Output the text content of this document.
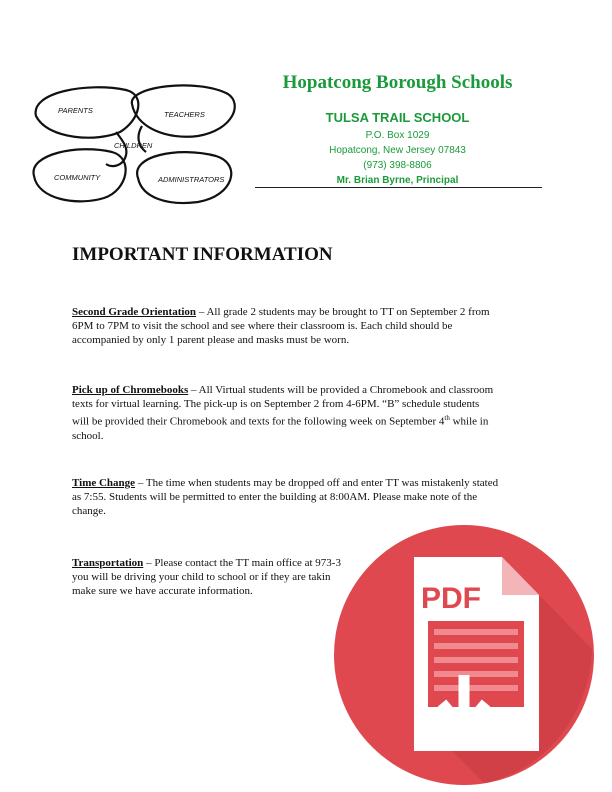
PARENTS	TEACHERS
CHILDREN
COMMUNITY	ADMINISTRATORS
Hopatcong Borough Schools
TULSA TRAIL SCHOOL
P.O. Box 1029
Hopatcong, New Jersey 07843
(973) 398-8806
Mr. Brian Byrne, Principal
IMPORTANT INFORMATION
Second Grade Orientation – All grade 2 students may be brought to TT on September 2 from
6PM to 7PM to visit the school and see where their classroom is. Each child should be
accompanied by only 1 parent please and masks must be worn.
Pick up of Chromebooks – All Virtual students will be provided a Chromebook and classroom
texts for virtual learning. The pick-up is on September 2 from 4-6PM. “B” schedule students
will be provided their Chromebook and texts for the following week on September 4th while in
school.
Time Change – The time when students may be dropped off and enter TT was mistakenly stated
as 7:55. Students will be permitted to enter the building at 8:00AM. Please make note of the
change.
Transportation – Please contact the TT main office at 973-3
you will be driving your child to school or if they are takin
make sure we have accurate information.	PDF
